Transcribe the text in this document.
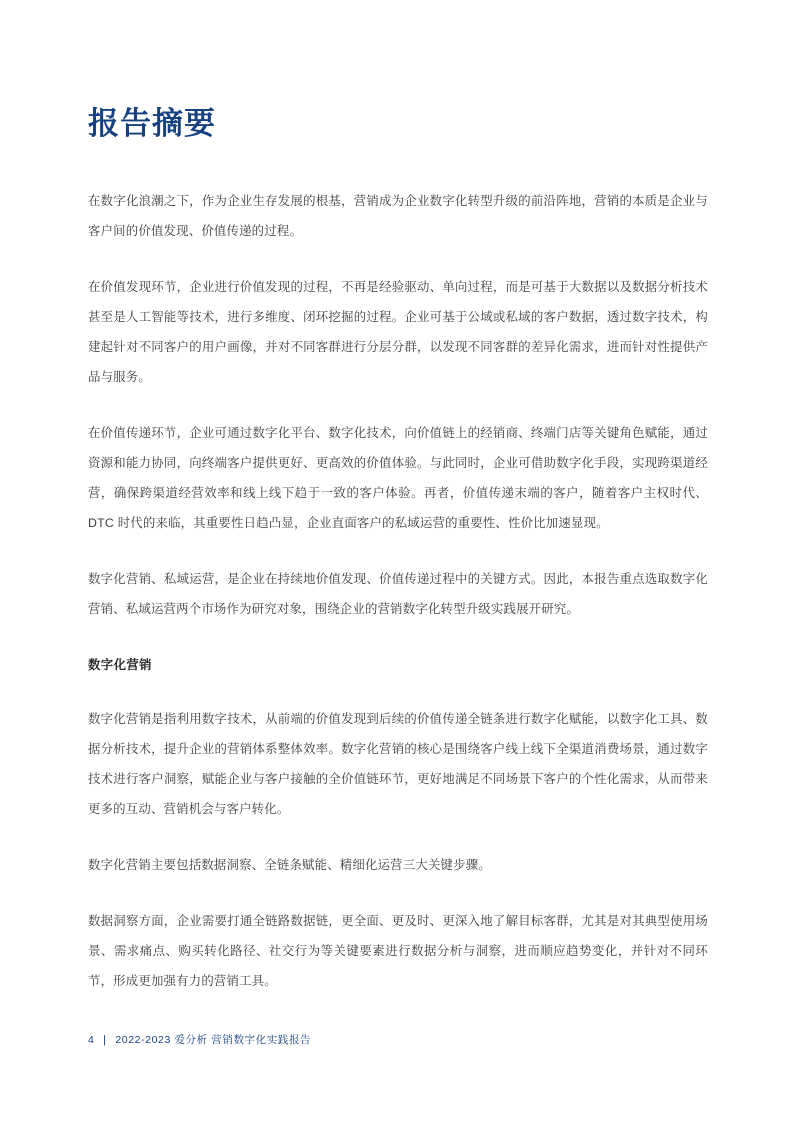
报告摘要

在数字化浪潮之下，作为企业生存发展的根基，营销成为企业数字化转型升级的前沿阵地，营销的本质是企业与客户间的价值发现、价值传递的过程。

在价值发现环节，企业进行价值发现的过程，不再是经验驱动、单向过程，而是可基于大数据以及数据分析技术甚至是人工智能等技术，进行多维度、闭环挖掘的过程。企业可基于公域或私域的客户数据，透过数字技术，构建起针对不同客户的用户画像，并对不同客群进行分层分群，以发现不同客群的差异化需求，进而针对性提供产品与服务。

在价值传递环节，企业可通过数字化平台、数字化技术，向价值链上的经销商、终端门店等关键角色赋能，通过资源和能力协同，向终端客户提供更好、更高效的价值体验。与此同时，企业可借助数字化手段，实现跨渠道经营，确保跨渠道经营效率和线上线下趋于一致的客户体验。再者，价值传递末端的客户，随着客户主权时代、DTC 时代的来临，其重要性日趋凸显，企业直面客户的私域运营的重要性、性价比加速显现。

数字化营销、私域运营，是企业在持续地价值发现、价值传递过程中的关键方式。因此，本报告重点选取数字化营销、私域运营两个市场作为研究对象，围绕企业的营销数字化转型升级实践展开研究。

数字化营销

数字化营销是指利用数字技术，从前端的价值发现到后续的价值传递全链条进行数字化赋能，以数字化工具、数据分析技术，提升企业的营销体系整体效率。数字化营销的核心是围绕客户线上线下全渠道消费场景，通过数字技术进行客户洞察，赋能企业与客户接触的全价值链环节，更好地满足不同场景下客户的个性化需求，从而带来更多的互动、营销机会与客户转化。

数字化营销主要包括数据洞察、全链条赋能、精细化运营三大关键步骤。

数据洞察方面，企业需要打通全链路数据链，更全面、更及时、更深入地了解目标客群，尤其是对其典型使用场景、需求痛点、购买转化路径、社交行为等关键要素进行数据分析与洞察，进而顺应趋势变化，并针对不同环节，形成更加强有力的营销工具。

4 | 2022-2023 爱分析 营销数字化实践报告
